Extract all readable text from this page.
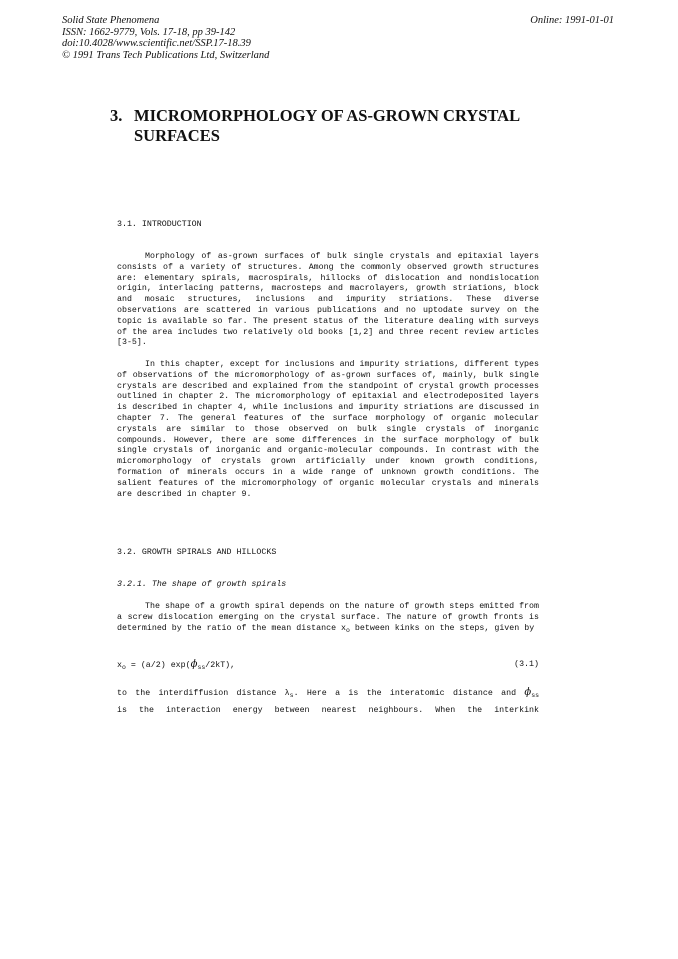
Solid State Phenomena
ISSN: 1662-9779, Vols. 17-18, pp 39-142
doi:10.4028/www.scientific.net/SSP.17-18.39
© 1991 Trans Tech Publications Ltd, Switzerland
Online: 1991-01-01
3. MICROMORPHOLOGY OF AS-GROWN CRYSTAL
SURFACES
3.1. INTRODUCTION

Morphology of as-grown surfaces of bulk single crystals and epitaxial layers consists of a variety of structures. Among the commonly observed growth structures are: elementary spirals, macrospirals, hillocks of dislocation and nondislocation origin, interlacing patterns, macrosteps and macrolayers, growth striations, block and mosaic structures, inclusions and impurity striations. These diverse observations are scattered in various publications and no uptodate survey on the topic is available so far. The present status of the literature dealing with surveys of the area includes two relatively old books [1,2] and three recent review articles [3-5].

In this chapter, except for inclusions and impurity striations, different types of observations of the micromorphology of as-grown surfaces of, mainly, bulk single crystals are described and explained from the standpoint of crystal growth processes outlined in chapter 2. The micromorphology of epitaxial and electrodeposited layers is described in chapter 4, while inclusions and impurity striations are discussed in chapter 7. The general features of the surface morphology of organic molecular crystals are similar to those observed on bulk single crystals of inorganic compounds. However, there are some differences in the surface morphology of bulk single crystals of inorganic and organic-molecular compounds. In contrast with the micromorphology of crystals grown artificially under known growth conditions, formation of minerals occurs in a wide range of unknown growth conditions. The salient features of the micromorphology of organic molecular crystals and minerals are described in chapter 9.

3.2. GROWTH SPIRALS AND HILLOCKS
3.2.1. The shape of growth spirals

The shape of a growth spiral depends on the nature of growth steps emitted from a screw dislocation emerging on the crystal surface. The nature of growth fronts is determined by the ratio of the mean distance $x_o$ between kinks on the steps, given by

$x_o = (a/2)$ $\exp(\phi_{ss}/2kT)$,	(3.1)
to the interdiffusion distance $\lambda_s$. Here a is the interatomic distance and $\phi_{ss}$
is the interaction energy between nearest neighbours. When the interkink
